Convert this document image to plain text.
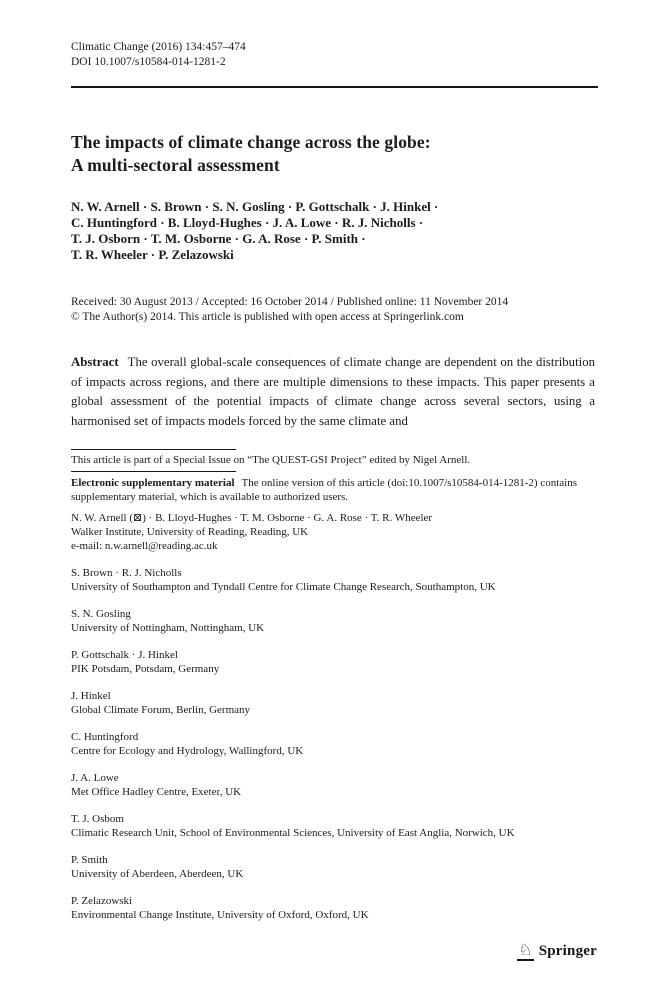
Climatic Change (2016) 134:457–474
DOI 10.1007/s10584-014-1281-2
The impacts of climate change across the globe:
A multi-sectoral assessment
N. W. Arnell · S. Brown · S. N. Gosling · P. Gottschalk · J. Hinkel ·
C. Huntingford · B. Lloyd-Hughes · J. A. Lowe · R. J. Nicholls ·
T. J. Osborn · T. M. Osborne · G. A. Rose · P. Smith ·
T. R. Wheeler · P. Zelazowski
Received: 30 August 2013 / Accepted: 16 October 2014 / Published online: 11 November 2014
© The Author(s) 2014. This article is published with open access at Springerlink.com
Abstract The overall global-scale consequences of climate change are dependent on the distribution of impacts across regions, and there are multiple dimensions to these impacts. This paper presents a global assessment of the potential impacts of climate change across several sectors, using a harmonised set of impacts models forced by the same climate and
This article is part of a Special Issue on “The QUEST-GSI Project” edited by Nigel Arnell.
Electronic supplementary material The online version of this article (doi:10.1007/s10584-014-1281-2) contains supplementary material, which is available to authorized users.
N. W. Arnell (⊠) · B. Lloyd-Hughes · T. M. Osborne · G. A. Rose · T. R. Wheeler
Walker Institute, University of Reading, Reading, UK
e-mail: n.w.arnell@reading.ac.uk
S. Brown · R. J. Nicholls
University of Southampton and Tyndall Centre for Climate Change Research, Southampton, UK
S. N. Gosling
University of Nottingham, Nottingham, UK
P. Gottschalk · J. Hinkel
PIK Potsdam, Potsdam, Germany
J. Hinkel
Global Climate Forum, Berlin, Germany
C. Huntingford
Centre for Ecology and Hydrology, Wallingford, UK
J. A. Lowe
Met Office Hadley Centre, Exeter, UK
T. J. Osbom
Climatic Research Unit, School of Environmental Sciences, University of East Anglia, Norwich, UK
P. Smith
University of Aberdeen, Aberdeen, UK
P. Zelazowski
Environmental Change Institute, University of Oxford, Oxford, UK
♘ Springer
